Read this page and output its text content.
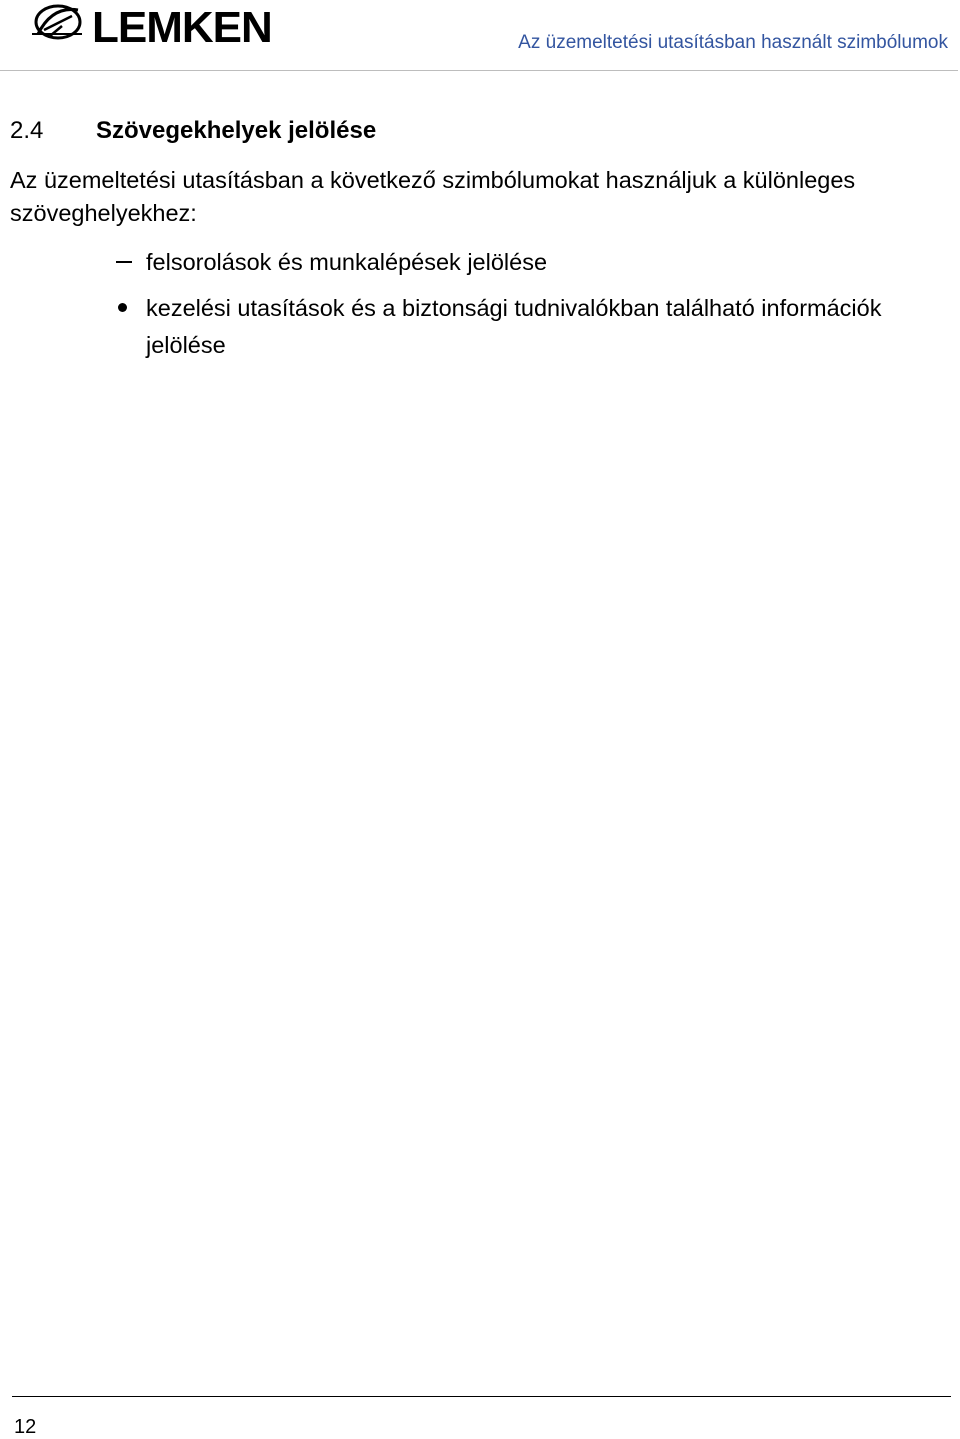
LEMKEN	Az üzemeltetési utasításban használt szimbólumok
2.4 Szövegekhelyek jelölése

Az üzemeltetési utasításban a következő szimbólumokat használjuk a különleges szöveghelyekhez:

felsorolások és munkalépések jelölése
kezelési utasítások és a biztonsági tudnivalókban található információk jelölése
12
